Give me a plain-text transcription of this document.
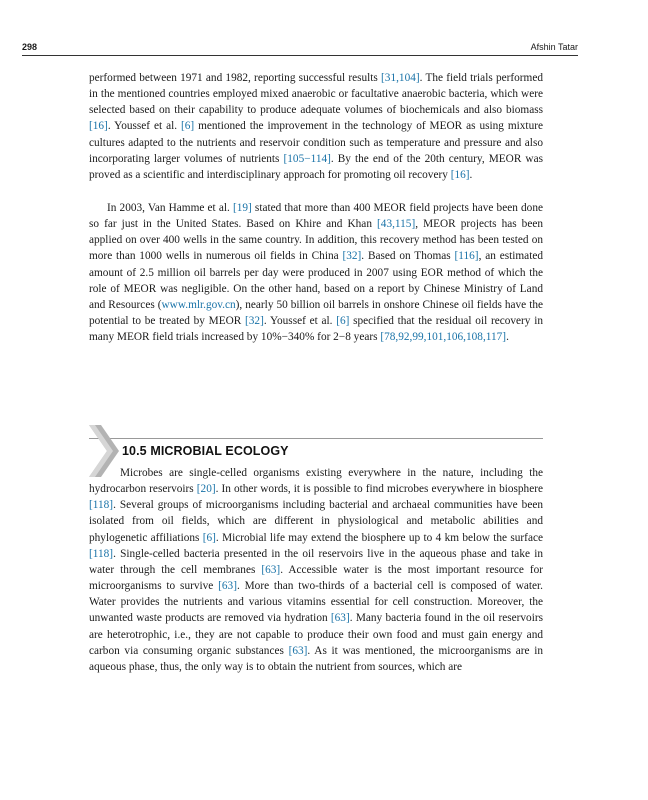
298	Afshin Tatar

performed between 1971 and 1982, reporting successful results [31,104]. The field trials performed in the mentioned countries employed mixed anaerobic or facultative anaerobic bacteria, which were selected based on their capability to produce adequate volumes of biochemicals and also biomass [16]. Youssef et al. [6] mentioned the improvement in the technology of MEOR as using mixture cultures adapted to the nutrients and reservoir condition such as temperature and pressure and also incorporating larger volumes of nutrients [105−114]. By the end of the 20th century, MEOR was proved as a scientific and interdisciplinary approach for promoting oil recovery [16].

In 2003, Van Hamme et al. [19] stated that more than 400 MEOR field projects have been done so far just in the United States. Based on Khire and Khan [43,115], MEOR projects has been applied on over 400 wells in the same country. In addition, this recovery method has been tested on more than 1000 wells in numerous oil fields in China [32]. Based on Thomas [116], an estimated amount of 2.5 million oil barrels per day were produced in 2007 using EOR method of which the role of MEOR was negligible. On the other hand, based on a report by Chinese Ministry of Land and Resources (www.mlr.gov.cn), nearly 50 billion oil barrels in onshore Chinese oil fields have the potential to be treated by MEOR [32]. Youssef et al. [6] specified that the residual oil recovery in many MEOR field trials increased by 10%−340% for 2−8 years [78,92,99,101,106,108,117].

10.5 MICROBIAL ECOLOGY

Microbes are single-celled organisms existing everywhere in the nature, including the hydrocarbon reservoirs [20]. In other words, it is possible to find microbes everywhere in biosphere [118]. Several groups of microorganisms including bacterial and archaeal communities have been isolated from oil fields, which are different in physiological and metabolic abilities and phylogenetic affiliations [6]. Microbial life may extend the biosphere up to 4 km below the surface [118]. Single-celled bacteria presented in the oil reservoirs live in the aqueous phase and take in water through the cell membranes [63]. Accessible water is the most important resource for microorganisms to survive [63]. More than two-thirds of a bacterial cell is composed of water. Water provides the nutrients and various vitamins essential for cell construction. Moreover, the unwanted waste products are removed via hydration [63]. Many bacteria found in the oil reservoirs are heterotrophic, i.e., they are not capable to produce their own food and must gain energy and carbon via consuming organic substances [63]. As it was mentioned, the microorganisms are in aqueous phase, thus, the only way is to obtain the nutrient from sources, which are
